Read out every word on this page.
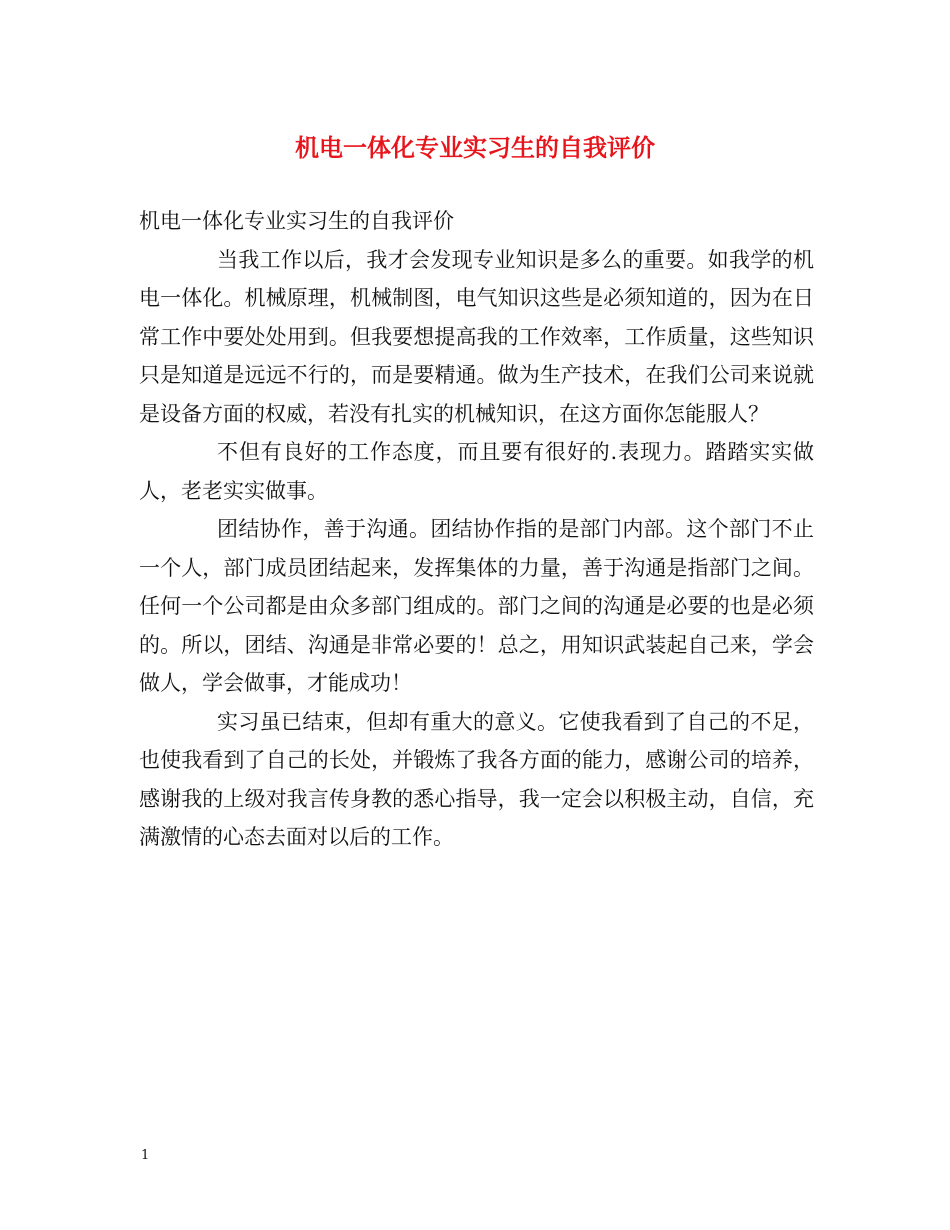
机电一体化专业实习生的自我评价

机电一体化专业实习生的自我评价

当我工作以后，我才会发现专业知识是多么的重要。如我学的机电一体化。机械原理，机械制图，电气知识这些是必须知道的，因为在日常工作中要处处用到。但我要想提高我的工作效率，工作质量，这些知识只是知道是远远不行的，而是要精通。做为生产技术，在我们公司来说就是设备方面的权威，若没有扎实的机械知识，在这方面你怎能服人？

不但有良好的工作态度，而且要有很好的.表现力。踏踏实实做人，老老实实做事。

团结协作，善于沟通。团结协作指的是部门内部。这个部门不止一个人，部门成员团结起来，发挥集体的力量，善于沟通是指部门之间。任何一个公司都是由众多部门组成的。部门之间的沟通是必要的也是必须的。所以，团结、沟通是非常必要的！总之，用知识武装起自己来，学会做人，学会做事，才能成功！

实习虽已结束，但却有重大的意义。它使我看到了自己的不足，也使我看到了自己的长处，并锻炼了我各方面的能力，感谢公司的培养，感谢我的上级对我言传身教的悉心指导，我一定会以积极主动，自信，充满激情的心态去面对以后的工作。

1
